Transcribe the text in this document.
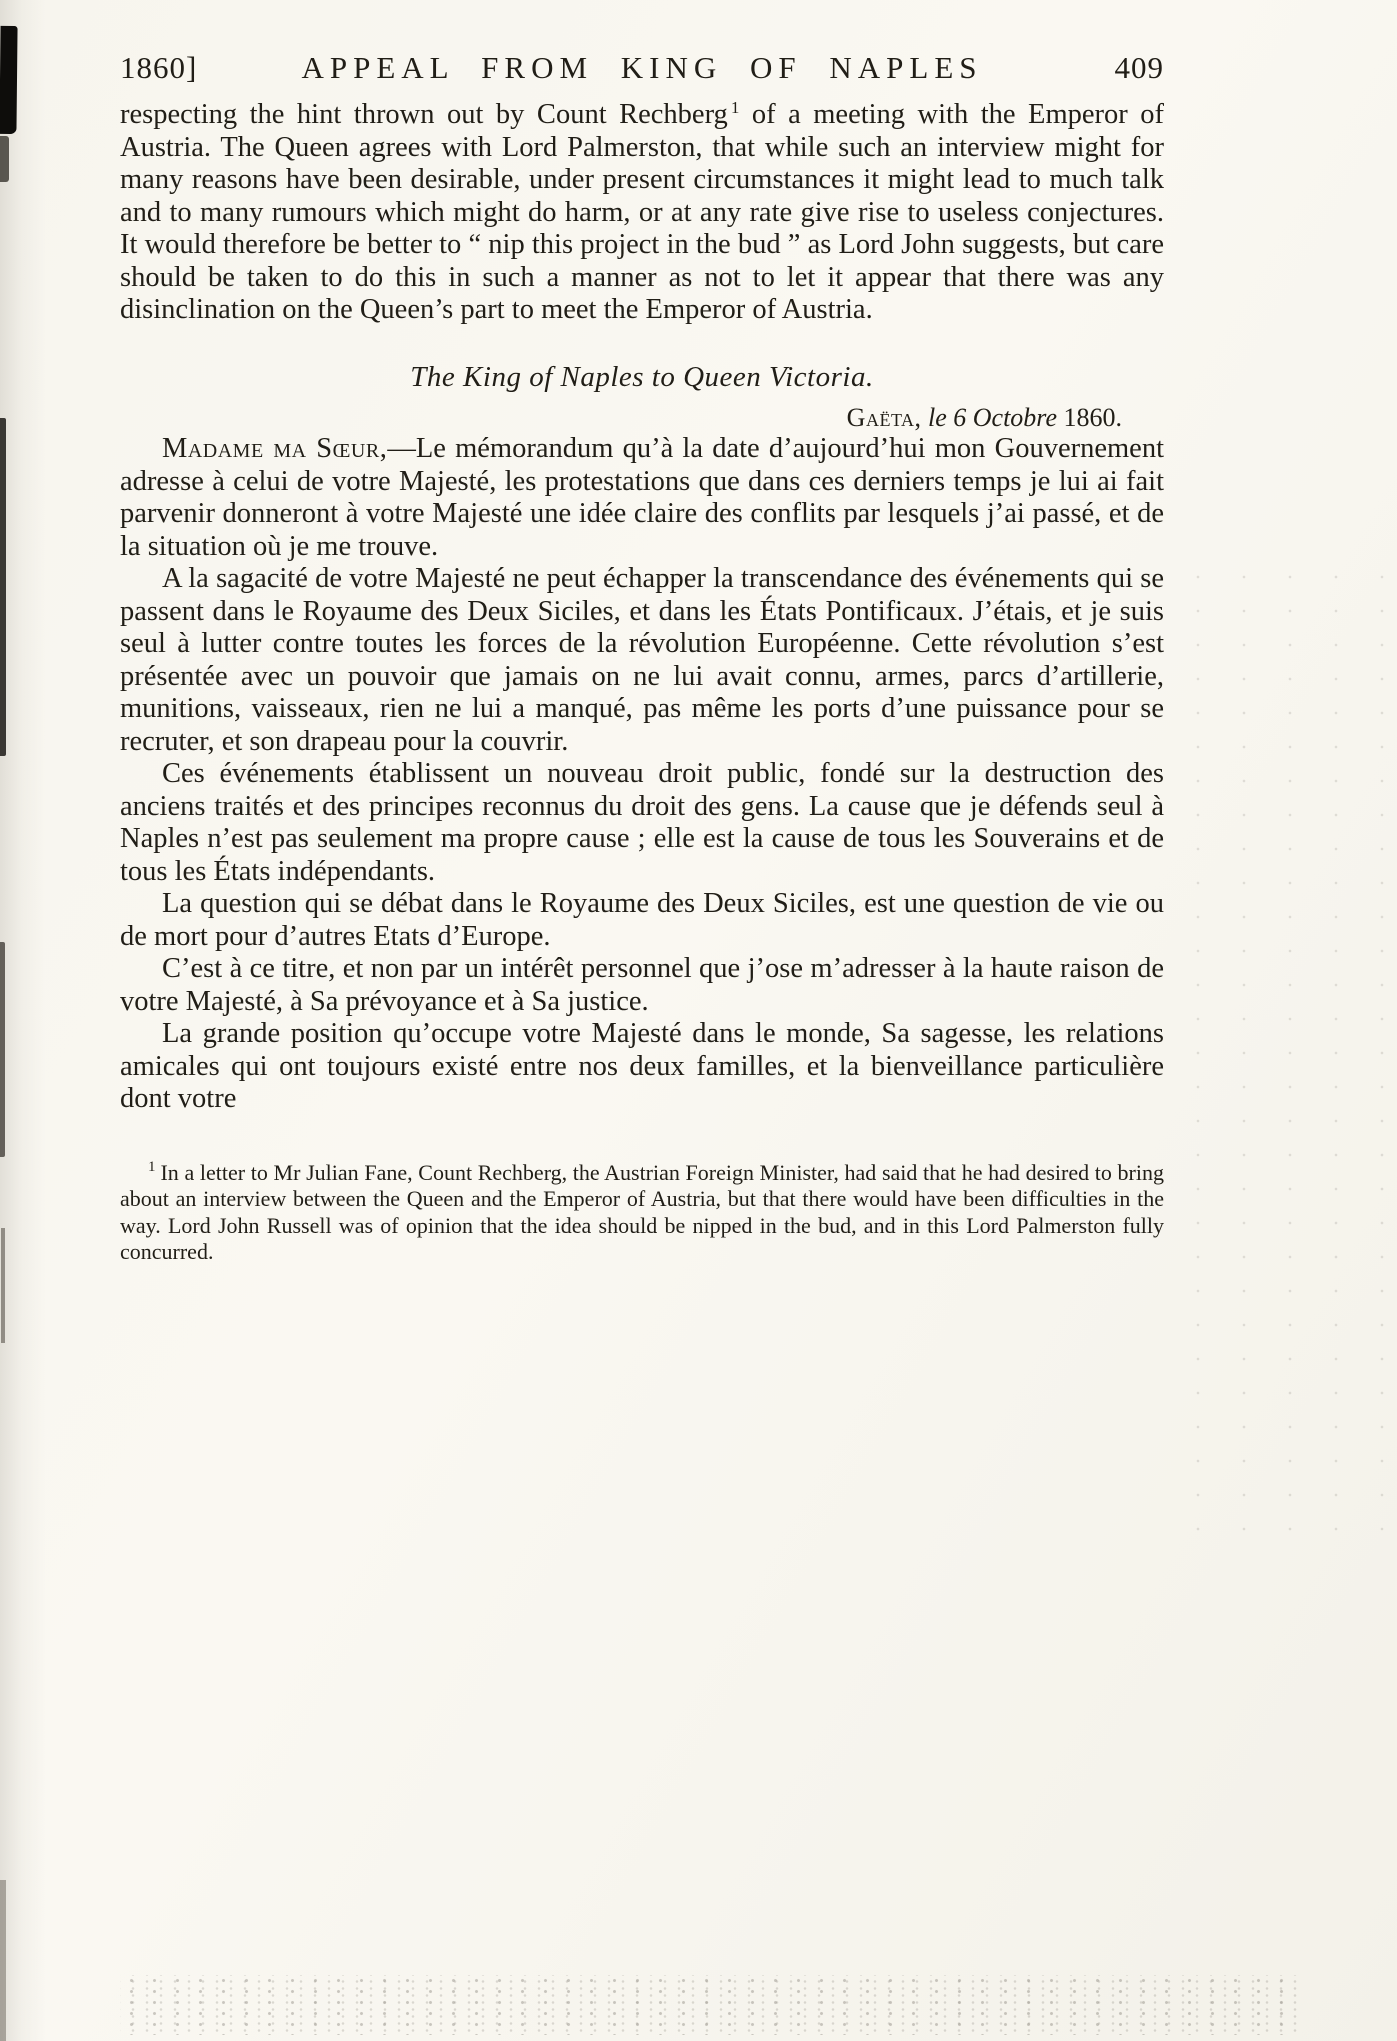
1860]	APPEAL FROM KING OF NAPLES	409

respecting the hint thrown out by Count Rechberg $^1$ of a meeting with the Emperor of Austria. The Queen agrees with Lord Palmerston, that while such an interview might for many reasons have been desirable, under present circumstances it might lead to much talk and to many rumours which might do harm, or at any rate give rise to useless conjectures. It would therefore be better to “ nip this project in the bud ” as Lord John suggests, but care should be taken to do this in such a manner as not to let it appear that there was any disinclination on the Queen’s part to meet the Emperor of Austria.

The King of Naples to Queen Victoria.

Gaëta, le 6 Octobre 1860.

Madame ma Sœur,—Le mémorandum qu’à la date d’aujourd’hui mon Gouvernement adresse à celui de votre Majesté, les protestations que dans ces derniers temps je lui ai fait parvenir donneront à votre Majesté une idée claire des conflits par lesquels j’ai passé, et de la situation où je me trouve.

A la sagacité de votre Majesté ne peut échapper la transcendance des événements qui se passent dans le Royaume des Deux Siciles, et dans les États Pontificaux. J’étais, et je suis seul à lutter contre toutes les forces de la révolution Européenne. Cette révolution s’est présentée avec un pouvoir que jamais on ne lui avait connu, armes, parcs d’artillerie, munitions, vaisseaux, rien ne lui a manqué, pas même les ports d’une puissance pour se recruter, et son drapeau pour la couvrir.

Ces événements établissent un nouveau droit public, fondé sur la destruction des anciens traités et des principes reconnus du droit des gens. La cause que je défends seul à Naples n’est pas seulement ma propre cause ; elle est la cause de tous les Souverains et de tous les États indépendants.

La question qui se débat dans le Royaume des Deux Siciles, est une question de vie ou de mort pour d’autres Etats d’Europe.

C’est à ce titre, et non par un intérêt personnel que j’ose m’adresser à la haute raison de votre Majesté, à Sa prévoyance et à Sa justice.

La grande position qu’occupe votre Majesté dans le monde, Sa sagesse, les relations amicales qui ont toujours existé entre nos deux familles, et la bienveillance particulière dont votre

$^1$ In a letter to Mr Julian Fane, Count Rechberg, the Austrian Foreign Minister, had said that he had desired to bring about an interview between the Queen and the Emperor of Austria, but that there would have been difficulties in the way. Lord John Russell was of opinion that the idea should be nipped in the bud, and in this Lord Palmerston fully concurred.
